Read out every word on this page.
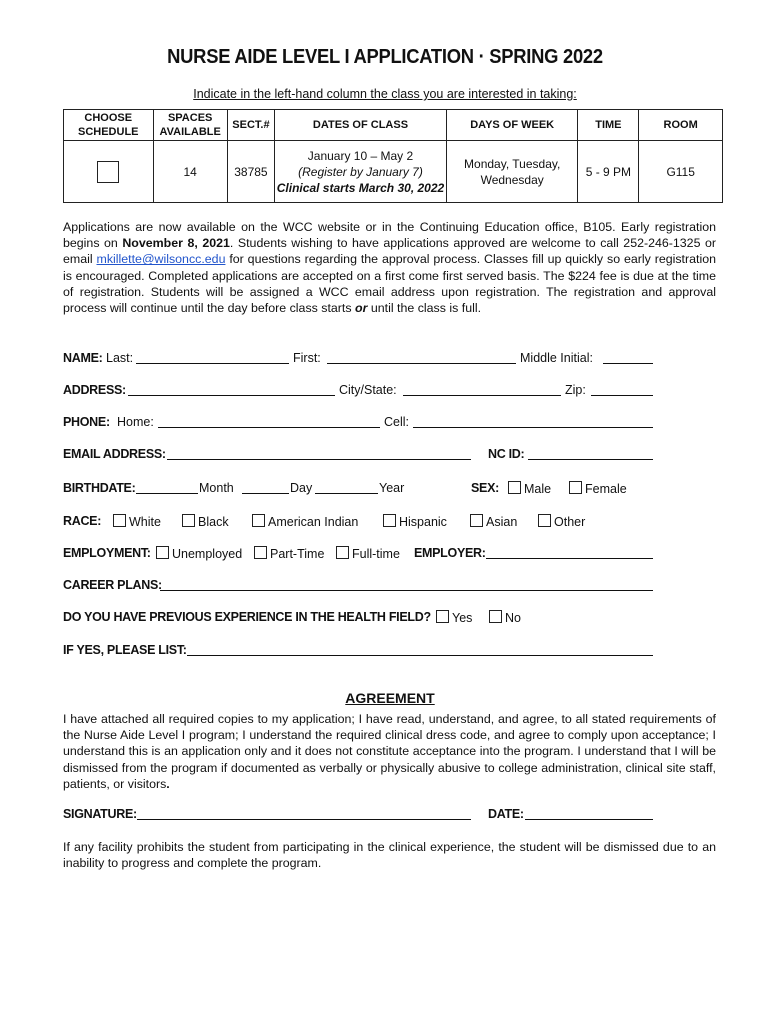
NURSE AIDE LEVEL I APPLICATION · SPRING 2022
Indicate in the left-hand column the class you are interested in taking:
CHOOSE SCHEDULE	SPACES AVAILABLE	SECT.#	DATES OF CLASS	DAYS OF WEEK	TIME	ROOM
	14	38785	January 10 – May 2
(Register by January 7)
Clinical starts March 30, 2022	Monday, Tuesday, Wednesday	5 - 9 PM	G115
Applications are now available on the WCC website or in the Continuing Education office, B105. Early registration begins on November 8, 2021. Students wishing to have applications approved are welcome to call 252-246-1325 or email mkillette@wilsoncc.edu for questions regarding the approval process. Classes fill up quickly so early registration is encouraged. Completed applications are accepted on a first come first served basis. The $224 fee is due at the time of registration. Students will be assigned a WCC email address upon registration. The registration and approval process will continue until the day before class starts or until the class is full.
NAME: Last:	First:	Middle Initial:
ADDRESS:	City/State:	Zip:
PHONE: Home:	Cell:
EMAIL ADDRESS:	NC ID:
BIRTHDATE:	Month	Day	Year	SEX:	Male	Female
RACE:	White	Black	American Indian	Hispanic	Asian	Other
EMPLOYMENT:	Unemployed	Part-Time	Full-time EMPLOYER:
CAREER PLANS:
DO YOU HAVE PREVIOUS EXPERIENCE IN THE HEALTH FIELD?	Yes	No
IF YES, PLEASE LIST:
AGREEMENT
I have attached all required copies to my application; I have read, understand, and agree, to all stated requirements of the Nurse Aide Level I program; I understand the required clinical dress code, and agree to comply upon acceptance; I understand this is an application only and it does not constitute acceptance into the program. I understand that I will be dismissed from the program if documented as verbally or physically abusive to college administration, clinical site staff, patients, or visitors.
SIGNATURE:	DATE:
If any facility prohibits the student from participating in the clinical experience, the student will be dismissed due to an inability to progress and complete the program.
